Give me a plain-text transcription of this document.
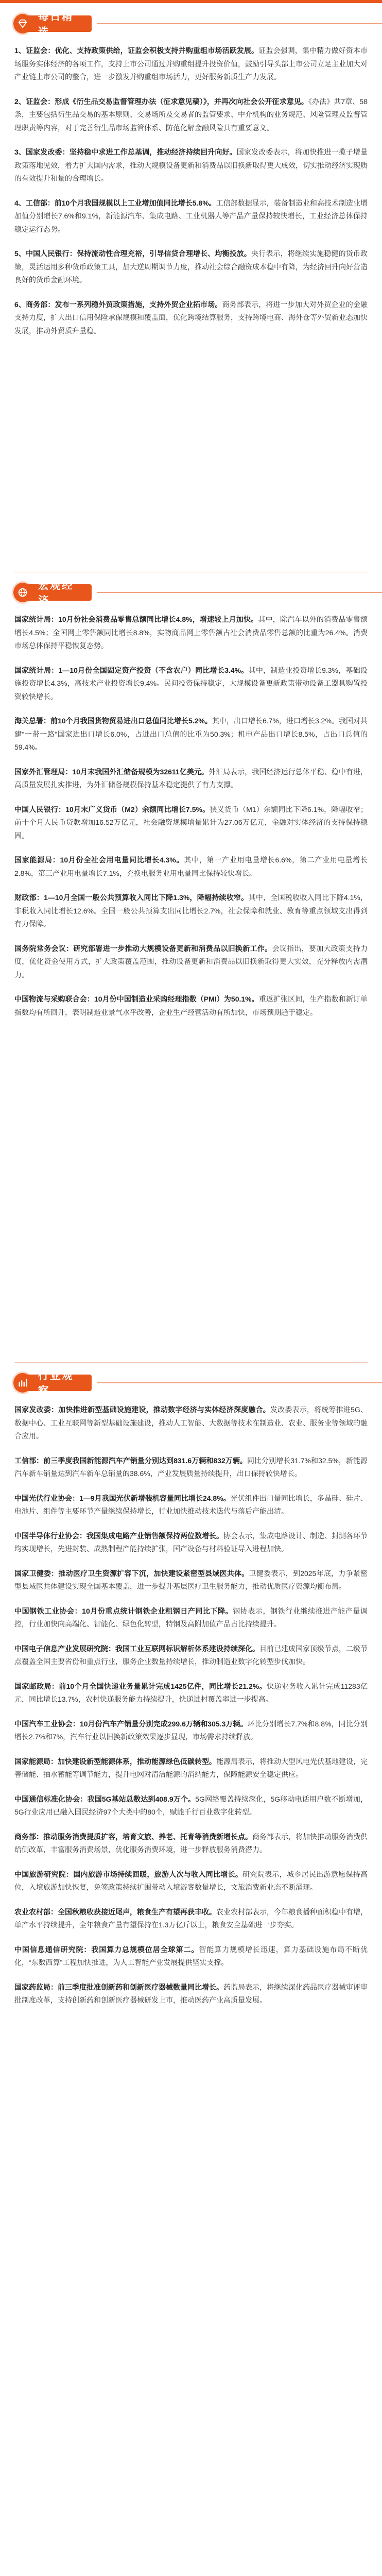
每日精选

1、证监会：优化、支持政策供给，证监会积极支持并购重组市场活跃发展。证监会强调，集中精力做好资本市场服务实体经济的各项工作，支持上市公司通过并购重组提升投资价值，鼓励引导头部上市公司立足主业加大对产业链上市公司的整合，进一步激发并购重组市场活力，更好服务新质生产力发展。

2、证监会：形成《衍生品交易监督管理办法（征求意见稿）》，并再次向社会公开征求意见。《办法》共7章、58条，主要包括衍生品交易的基本原则、交易场所及交易者的监管要求、中介机构的业务规范、风险管理及监督管理职责等内容，对于完善衍生品市场监管体系、防范化解金融风险具有重要意义。

3、国家发改委：坚持稳中求进工作总基调，推动经济持续回升向好。国家发改委表示，将加快推进一揽子增量政策落地见效，着力扩大国内需求，推动大规模设备更新和消费品以旧换新取得更大成效，切实推动经济实现质的有效提升和量的合理增长。

4、工信部：前10个月我国规模以上工业增加值同比增长5.8%。工信部数据显示，装备制造业和高技术制造业增加值分别增长7.6%和9.1%，新能源汽车、集成电路、工业机器人等产品产量保持较快增长，工业经济总体保持稳定运行态势。

5、中国人民银行：保持流动性合理充裕，引导信贷合理增长、均衡投放。央行表示，将继续实施稳健的货币政策，灵活运用多种货币政策工具，加大逆周期调节力度，推动社会综合融资成本稳中有降，为经济回升向好营造良好的货币金融环境。

6、商务部：发布一系列稳外贸政策措施，支持外贸企业拓市场。商务部表示，将进一步加大对外贸企业的金融支持力度，扩大出口信用保险承保规模和覆盖面，优化跨境结算服务，支持跨境电商、海外仓等外贸新业态加快发展，推动外贸质升量稳。

宏观经济

国家统计局：10月份社会消费品零售总额同比增长4.8%，增速较上月加快。其中，除汽车以外的消费品零售额增长4.5%；全国网上零售额同比增长8.8%，实物商品网上零售额占社会消费品零售总额的比重为26.4%。消费市场总体保持平稳恢复态势。

国家统计局：1—10月份全国固定资产投资（不含农户）同比增长3.4%。其中，制造业投资增长9.3%，基础设施投资增长4.3%，高技术产业投资增长9.4%。民间投资保持稳定，大规模设备更新政策带动设备工器具购置投资较快增长。

海关总署：前10个月我国货物贸易进出口总值同比增长5.2%。其中，出口增长6.7%，进口增长3.2%。我国对共建“一带一路”国家进出口增长6.0%，占进出口总值的比重为50.3%；机电产品出口增长8.5%，占出口总值的59.4%。

国家外汇管理局：10月末我国外汇储备规模为32611亿美元。外汇局表示，我国经济运行总体平稳、稳中有进，高质量发展扎实推进，为外汇储备规模保持基本稳定提供了有力支撑。

中国人民银行：10月末广义货币（M2）余额同比增长7.5%。狭义货币（M1）余额同比下降6.1%，降幅收窄；前十个月人民币贷款增加16.52万亿元，社会融资规模增量累计为27.06万亿元，金融对实体经济的支持保持稳固。

国家能源局：10月份全社会用电量同比增长4.3%。其中，第一产业用电量增长6.6%，第二产业用电量增长2.8%，第三产业用电量增长7.1%，充换电服务业用电量同比保持较快增长。

财政部：1—10月全国一般公共预算收入同比下降1.3%，降幅持续收窄。其中，全国税收收入同比下降4.1%，非税收入同比增长12.6%。全国一般公共预算支出同比增长2.7%，社会保障和就业、教育等重点领域支出得到有力保障。

国务院常务会议：研究部署进一步推动大规模设备更新和消费品以旧换新工作。会议指出，要加大政策支持力度，优化资金使用方式，扩大政策覆盖范围，推动设备更新和消费品以旧换新取得更大实效，充分释放内需潜力。

中国物流与采购联合会：10月份中国制造业采购经理指数（PMI）为50.1%。重返扩张区间，生产指数和新订单指数均有所回升，表明制造业景气水平改善，企业生产经营活动有所加快，市场预期趋于稳定。

行业观察

国家发改委：加快推进新型基础设施建设，推动数字经济与实体经济深度融合。发改委表示，将统筹推进5G、数据中心、工业互联网等新型基础设施建设，推动人工智能、大数据等技术在制造业、农业、服务业等领域的融合应用。

工信部：前三季度我国新能源汽车产销量分别达到831.6万辆和832万辆。同比分别增长31.7%和32.5%，新能源汽车新车销量达到汽车新车总销量的38.6%，产业发展质量持续提升，出口保持较快增长。

中国光伏行业协会：1—9月我国光伏新增装机容量同比增长24.8%。光伏组件出口量同比增长，多晶硅、硅片、电池片、组件等主要环节产量继续保持增长，行业加快推动技术迭代与落后产能出清。

中国半导体行业协会：我国集成电路产业销售额保持两位数增长。协会表示，集成电路设计、制造、封测各环节均实现增长，先进封装、成熟制程产能持续扩张，国产设备与材料验证导入进程加快。

国家卫健委：推动医疗卫生资源扩容下沉，加快建设紧密型县域医共体。卫健委表示，到2025年底，力争紧密型县域医共体建设实现全国基本覆盖，进一步提升基层医疗卫生服务能力，推动优质医疗资源均衡布局。

中国钢铁工业协会：10月份重点统计钢铁企业粗钢日产同比下降。钢协表示，钢铁行业继续推进产能产量调控，行业加快向高端化、智能化、绿色化转型，特钢及高附加值产品占比持续提升。

中国电子信息产业发展研究院：我国工业互联网标识解析体系建设持续深化。目前已建成国家顶级节点，二级节点覆盖全国主要省份和重点行业，服务企业数量持续增长，推动制造业数字化转型步伐加快。

国家邮政局：前10个月全国快递业务量累计完成1425亿件，同比增长21.2%。快递业务收入累计完成11283亿元，同比增长13.7%，农村快递服务能力持续提升，快递进村覆盖率进一步提高。

中国汽车工业协会：10月份汽车产销量分别完成299.6万辆和305.3万辆。环比分别增长7.7%和8.8%，同比分别增长2.7%和7%，汽车行业以旧换新政策效果逐步显现，市场需求持续释放。

国家能源局：加快建设新型能源体系，推动能源绿色低碳转型。能源局表示，将推动大型风电光伏基地建设，完善储能、抽水蓄能等调节能力，提升电网对清洁能源的消纳能力，保障能源安全稳定供应。

中国通信标准化协会：我国5G基站总数达到408.9万个。5G网络覆盖持续深化，5G移动电话用户数不断增加，5G行业应用已融入国民经济97个大类中的80个，赋能千行百业数字化转型。

商务部：推动服务消费提质扩容，培育文旅、养老、托育等消费新增长点。商务部表示，将加快推动服务消费供给侧改革，丰富服务消费场景，优化服务消费环境，进一步释放服务消费潜力。

中国旅游研究院：国内旅游市场持续回暖，旅游人次与收入同比增长。研究院表示，城乡居民出游意愿保持高位，入境旅游加快恢复，免签政策持续扩围带动入境游客数量增长，文旅消费新业态不断涌现。

农业农村部：全国秋粮收获接近尾声，粮食生产有望再获丰收。农业农村部表示，今年粮食播种面积稳中有增，单产水平持续提升，全年粮食产量有望保持在1.3万亿斤以上，粮食安全基础进一步夯实。

中国信息通信研究院：我国算力总规模位居全球第二。智能算力规模增长迅速，算力基础设施布局不断优化，“东数西算”工程加快推进，为人工智能产业发展提供坚实支撑。

国家药监局：前三季度批准创新药和创新医疗器械数量同比增长。药监局表示，将继续深化药品医疗器械审评审批制度改革，支持创新药和创新医疗器械研发上市，推动医药产业高质量发展。
